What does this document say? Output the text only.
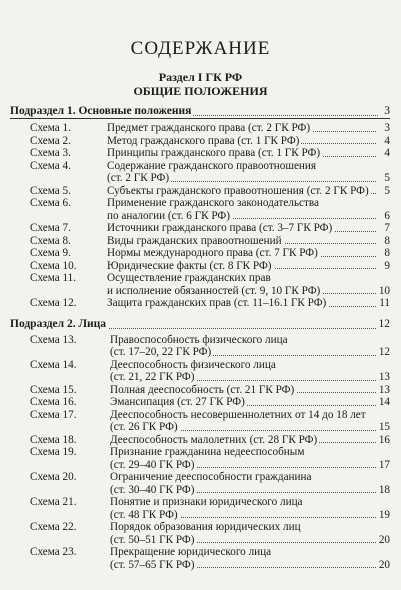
СОДЕРЖАНИЕ
Раздел I ГК РФ
ОБЩИЕ ПОЛОЖЕНИЯ
Подраздел 1. Основные положения	3
Схема 1.	Предмет гражданского права (ст. 2 ГК РФ)	3
Схема 2.	Метод гражданского права (ст. 1 ГК РФ)	4
Схема 3.	Принципы гражданского права (ст. 1 ГК РФ)	4
Схема 4.	Содержание гражданского правоотношения
(ст. 2 ГК РФ)	5
Схема 5.	Субъекты гражданского правоотношения (ст. 2 ГК РФ)	5
Схема 6.	Применение гражданского законодательства
по аналогии (ст. 6 ГК РФ)	6
Схема 7.	Источники гражданского права (ст. 3–7 ГК РФ)	7
Схема 8.	Виды гражданских правоотношений	8
Схема 9.	Нормы международного права (ст. 7 ГК РФ)	8
Схема 10.	Юридические факты (ст. 8 ГК РФ)	9
Схема 11.	Осуществление гражданских прав
и исполнение обязанностей (ст. 9, 10 ГК РФ)	10
Схема 12.	Защита гражданских прав (ст. 11–16.1 ГК РФ)	11
Подраздел 2. Лица	12
Схема 13.	Правоспособность физического лица
(ст. 17–20, 22 ГК РФ)	12
Схема 14.	Дееспособность физического лица
(ст. 21, 22 ГК РФ)	13
Схема 15.	Полная дееспособность (ст. 21 ГК РФ)	13
Схема 16.	Эмансипация (ст. 27 ГК РФ)	14
Схема 17.	Дееспособность несовершеннолетних от 14 до 18 лет
(ст. 26 ГК РФ)	15
Схема 18.	Дееспособность малолетних (ст. 28 ГК РФ)	16
Схема 19.	Признание гражданина недееспособным
(ст. 29–40 ГК РФ)	17
Схема 20.	Ограничение дееспособности гражданина
(ст. 30–40 ГК РФ)	18
Схема 21.	Понятие и признаки юридического лица
(ст. 48 ГК РФ)	19
Схема 22.	Порядок образования юридических лиц
(ст. 50–51 ГК РФ)	20
Схема 23.	Прекращение юридического лица
(ст. 57–65 ГК РФ)	20
